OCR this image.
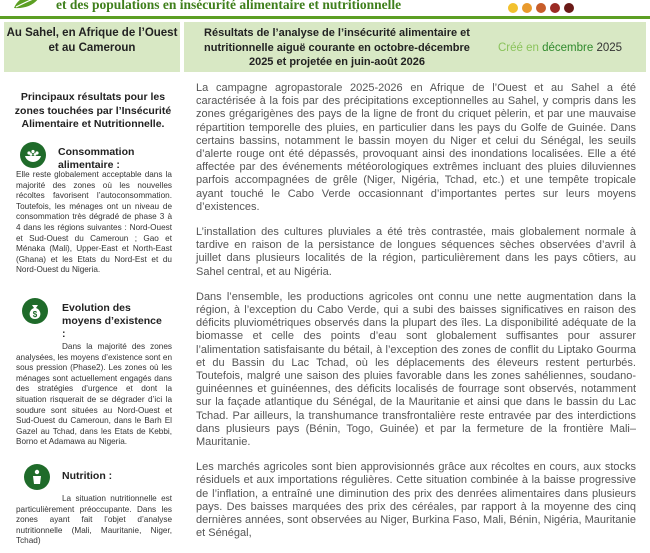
et des populations en insécurité alimentaire et nutritionnelle
Au Sahel, en Afrique de l’Ouest et au Cameroun
Résultats de l’analyse de l’insécurité alimentaire et nutritionnelle aiguë courante en octobre-décembre 2025 et projetée en juin-août 2026
Créé en décembre 2025
Principaux résultats pour les zones touchées par l’Insécurité Alimentaire et Nutritionnelle.
Consommation alimentaire :
Elle reste globalement acceptable dans la majorité des zones où les nouvelles récoltes favorisent l’autoconsommation. Toutefois, les ménages ont un niveau de consommation très dégradé de phase 3 à 4 dans les régions suivantes : Nord-Ouest et Sud-Ouest du Cameroun ; Gao et Ménaka (Mali), Upper-East et North-East (Ghana) et les Etats du Nord-Est et du Nord-Ouest du Nigeria.
$
Evolution des moyens d’existence :
Dans la majorité des zones analysées, les moyens d’existence sont en sous pression (Phase2). Les zones où les ménages sont actuellement engagés dans des stratégies d’urgence et dont la situation risquerait de se dégrader d’ici la soudure sont situées au Nord-Ouest et Sud-Ouest du Cameroun, dans le Barh El Gazel au Tchad, dans les Etats de Kebbi, Borno et Adamawa au Nigeria.
Nutrition :
La situation nutritionnelle est particulièrement préoccupante. Dans les zones ayant fait l’objet d’analyse nutritionnelle (Mali, Mauritanie, Niger, Tchad)

La campagne agropastorale 2025-2026 en Afrique de l’Ouest et au Sahel a été caractérisée à la fois par des précipitations exceptionnelles au Sahel, y compris dans les zones grégarigènes des pays de la ligne de front du criquet pèlerin, et par une mauvaise répartition temporelle des pluies, en particulier dans les pays du Golfe de Guinée. Dans certains bassins, notamment le bassin moyen du Niger et celui du Sénégal, les seuils d’alerte rouge ont été dépassés, provoquant ainsi des inondations localisées. Elle a été affectée par des événements météorologiques extrêmes incluant des pluies diluviennes parfois accompagnées de grêle (Niger, Nigéria, Tchad, etc.) et une tempête tropicale ayant touché le Cabo Verde occasionnant d’importantes pertes sur leurs moyens d’existences.

L’installation des cultures pluviales a été très contrastée, mais globalement normale à tardive en raison de la persistance de longues séquences sèches observées d’avril à juillet dans plusieurs localités de la région, particulièrement dans les pays côtiers, au Sahel central, et au Nigéria.

Dans l’ensemble, les productions agricoles ont connu une nette augmentation dans la région, à l’exception du Cabo Verde, qui a subi des baisses significatives en raison des déficits pluviométriques observés dans la plupart des îles. La disponibilité adéquate de la biomasse et celle des points d’eau sont globalement suffisantes pour assurer l’alimentation satisfaisante du bétail, à l’exception des zones de conflit du Liptako Gourma et du Bassin du Lac Tchad, où les déplacements des éleveurs restent perturbés. Toutefois, malgré une saison des pluies favorable dans les zones sahéliennes, soudano-guinéennes et guinéennes, des déficits localisés de fourrage sont observés, notamment sur la façade atlantique du Sénégal, de la Mauritanie et ainsi que dans le bassin du Lac Tchad. Par ailleurs, la transhumance transfrontalière reste entravée par des interdictions dans plusieurs pays (Bénin, Togo, Guinée) et par la fermeture de la frontière Mali–Mauritanie.

Les marchés agricoles sont bien approvisionnés grâce aux récoltes en cours, aux stocks résiduels et aux importations régulières. Cette situation combinée à la baisse progressive de l’inflation, a entraîné une diminution des prix des denrées alimentaires dans plusieurs pays. Des baisses marquées des prix des céréales, par rapport à la moyenne des cinq dernières années, sont observées au Niger, Burkina Faso, Mali, Bénin, Nigéria, Mauritanie et Sénégal,
